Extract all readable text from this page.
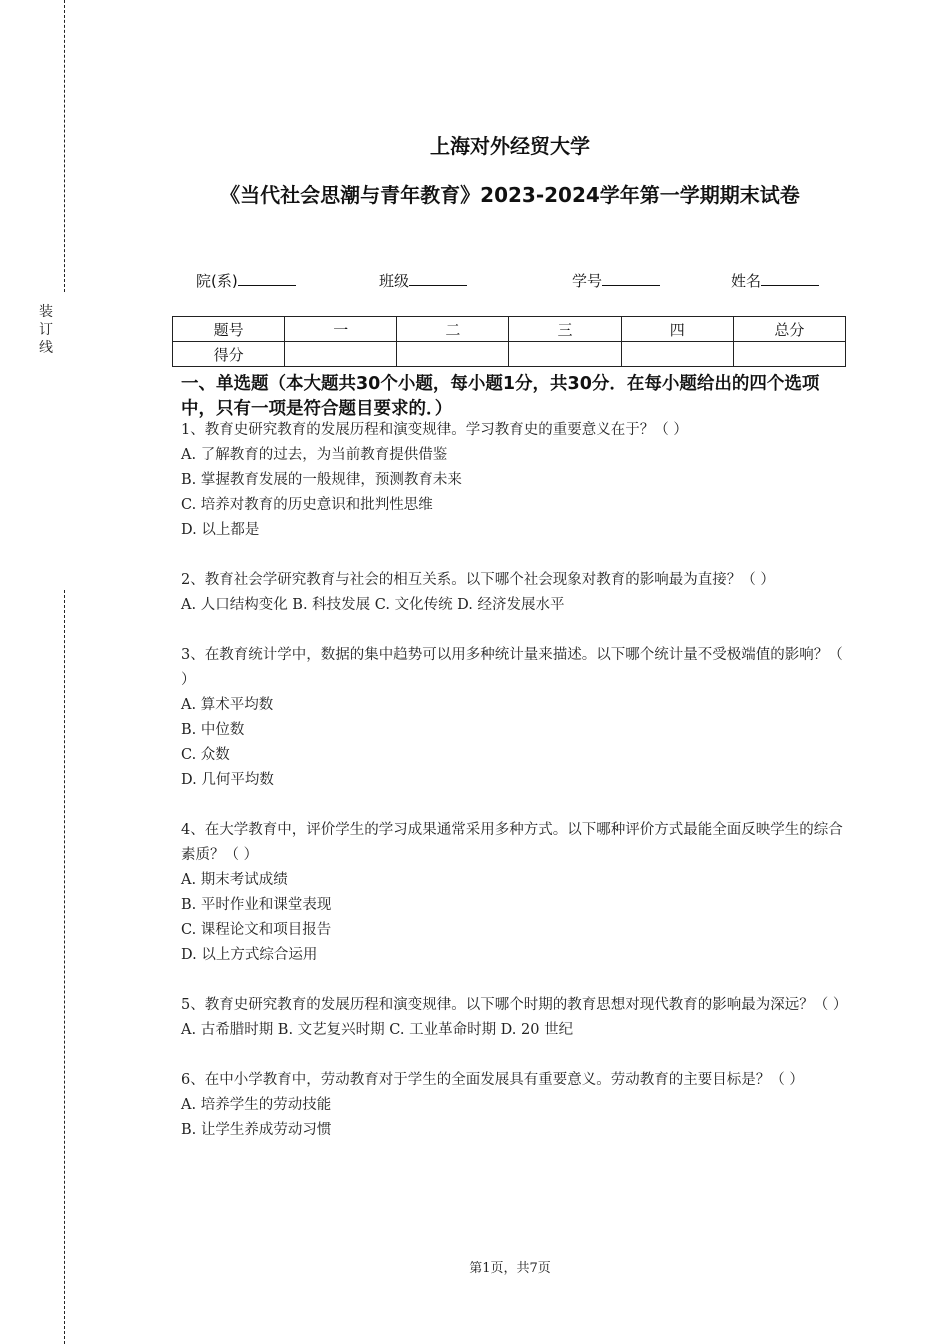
装
订
线
上海对外经贸大学
《当代社会思潮与青年教育》2023-2024学年第一学期期末试卷
院(系)	班级	学号	姓名
题号	一	二	三	四	总分
得分					
一、单选题（本大题共30个小题，每小题1分，共30分．在每小题给出的四个选项中，只有一项是符合题目要求的．）

1、教育史研究教育的发展历程和演变规律。学习教育史的重要意义在于？（ ）

A. 了解教育的过去，为当前教育提供借鉴

B. 掌握教育发展的一般规律，预测教育未来

C. 培养对教育的历史意识和批判性思维

D. 以上都是

2、教育社会学研究教育与社会的相互关系。以下哪个社会现象对教育的影响最为直接？（ ）

A. 人口结构变化 B. 科技发展 C. 文化传统 D. 经济发展水平

3、在教育统计学中，数据的集中趋势可以用多种统计量来描述。以下哪个统计量不受极端值的影响？（ ）

A. 算术平均数

B. 中位数

C. 众数

D. 几何平均数

4、在大学教育中，评价学生的学习成果通常采用多种方式。以下哪种评价方式最能全面反映学生的综合素质？（ ）

A. 期末考试成绩

B. 平时作业和课堂表现

C. 课程论文和项目报告

D. 以上方式综合运用

5、教育史研究教育的发展历程和演变规律。以下哪个时期的教育思想对现代教育的影响最为深远？（ ）

A. 古希腊时期 B. 文艺复兴时期 C. 工业革命时期 D. 20 世纪

6、在中小学教育中，劳动教育对于学生的全面发展具有重要意义。劳动教育的主要目标是？（ ）

A. 培养学生的劳动技能

B. 让学生养成劳动习惯

第1页，共7页
